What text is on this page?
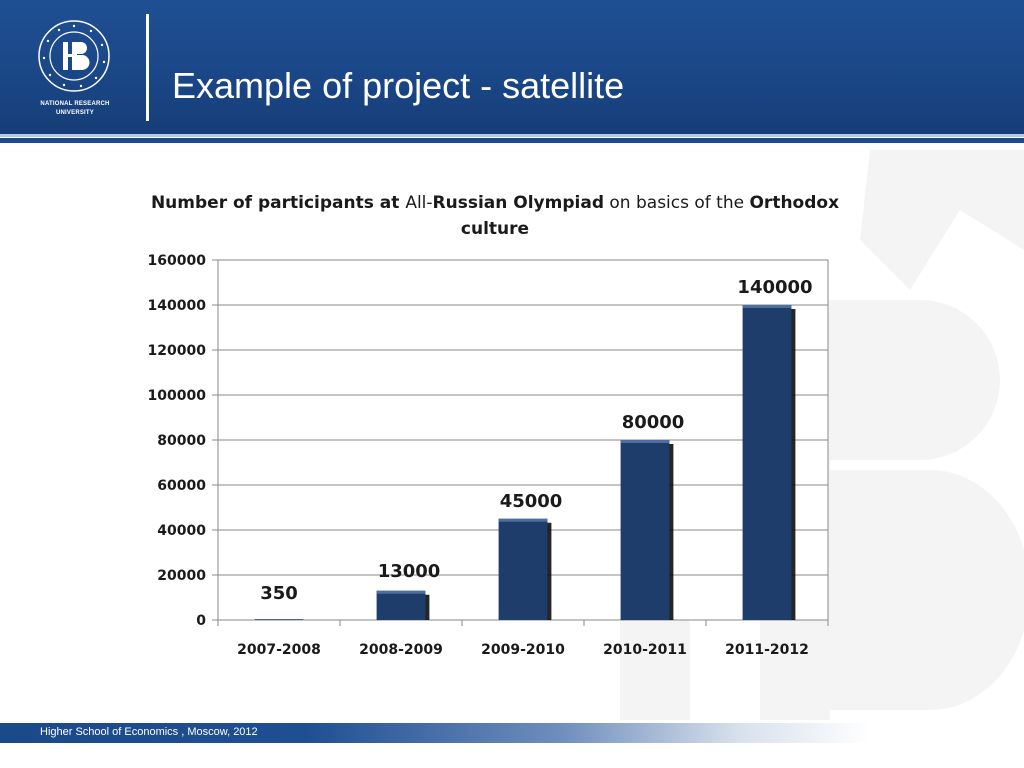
NATIONAL RESEARCH
UNIVERSITY
Example of project - satellite
Number of participants at All-Russian Olympiad on basics of the Orthodox culture
0
20000
40000
60000
80000
100000
120000
140000
160000
2007-2008
350
2008-2009
13000
2009-2010
45000
2010-2011
80000
2011-2012
140000
Higher School of Economics , Moscow, 2012
